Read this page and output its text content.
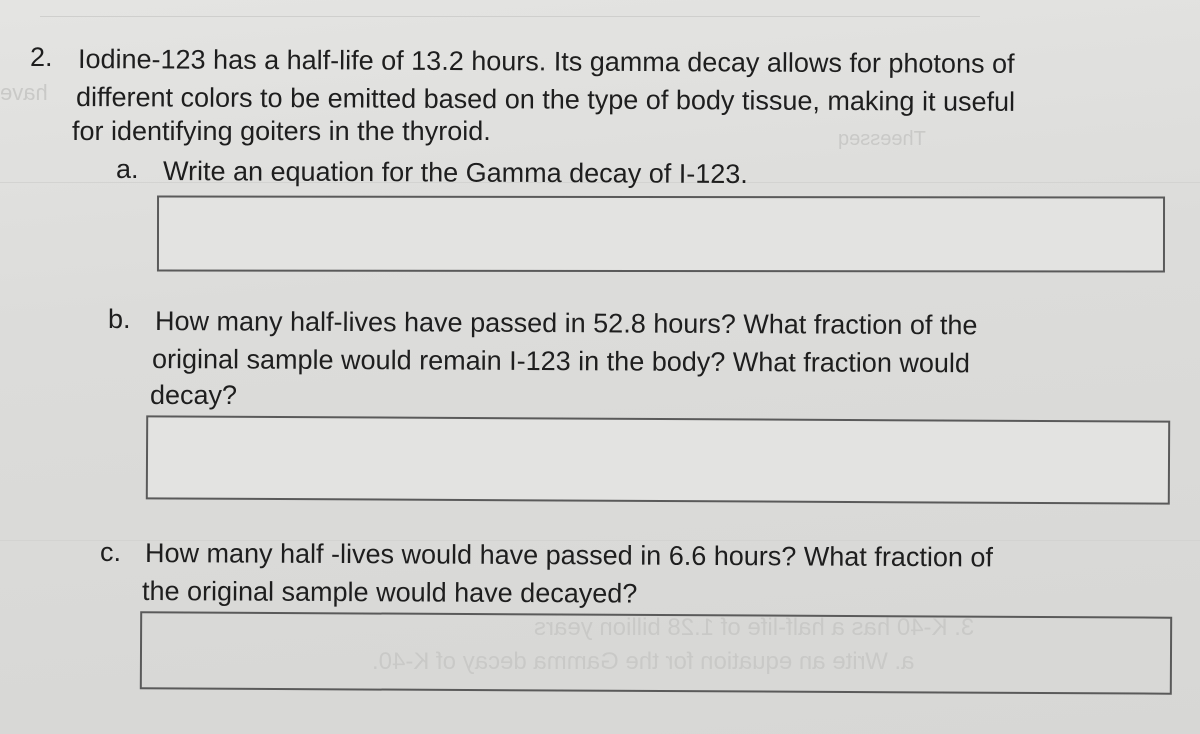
have
Theesseq
a. Write an equation for the Gamma decay of K-40.
3. K-40 has a half-life of 1.28 billion years
2. Iodine-123 has a half-life of 13.2 hours. Its gamma decay allows for photons of
different colors to be emitted based on the type of body tissue, making it useful
for identifying goiters in the thyroid.
a. Write an equation for the Gamma decay of I-123.
b. How many half-lives have passed in 52.8 hours? What fraction of the
original sample would remain I-123 in the body? What fraction would
decay?
c. How many half -lives would have passed in 6.6 hours? What fraction of
the original sample would have decayed?
